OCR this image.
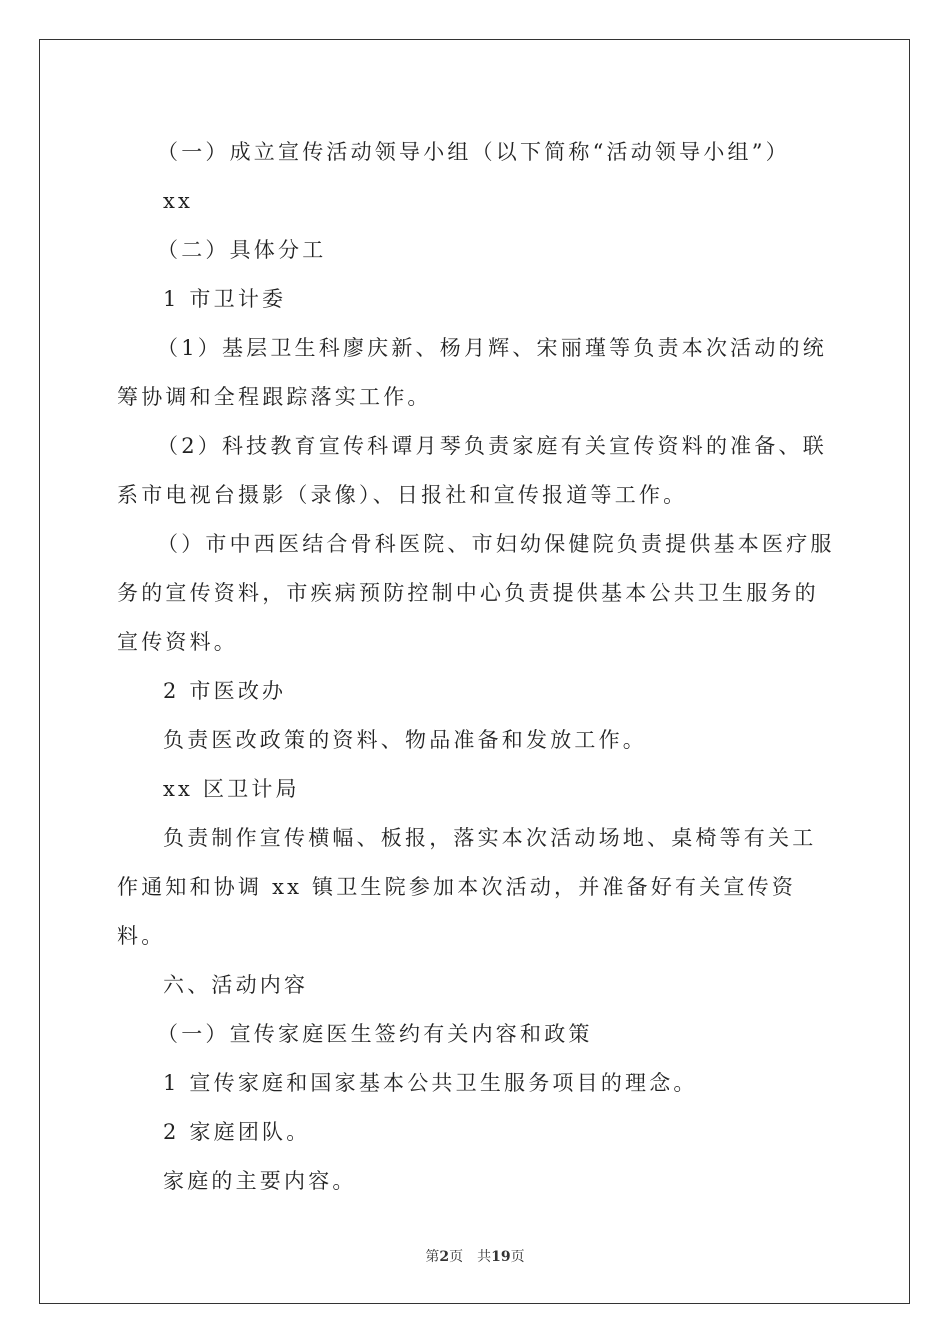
（一）成立宣传活动领导小组（以下简称“活动领导小组”）

xx

（二）具体分工

1 市卫计委

（1）基层卫生科廖庆新、杨月辉、宋丽瑾等负责本次活动的统筹协调和全程跟踪落实工作。

（2）科技教育宣传科谭月琴负责家庭有关宣传资料的准备、联系市电视台摄影（录像）、日报社和宣传报道等工作。

（）市中西医结合骨科医院、市妇幼保健院负责提供基本医疗服务的宣传资料，市疾病预防控制中心负责提供基本公共卫生服务的宣传资料。

2 市医改办

负责医改政策的资料、物品准备和发放工作。

xx 区卫计局

负责制作宣传横幅、板报，落实本次活动场地、桌椅等有关工作通知和协调 xx 镇卫生院参加本次活动，并准备好有关宣传资料。

六、活动内容

（一）宣传家庭医生签约有关内容和政策

1 宣传家庭和国家基本公共卫生服务项目的理念。

2 家庭团队。

家庭的主要内容。

第2页 共19页
